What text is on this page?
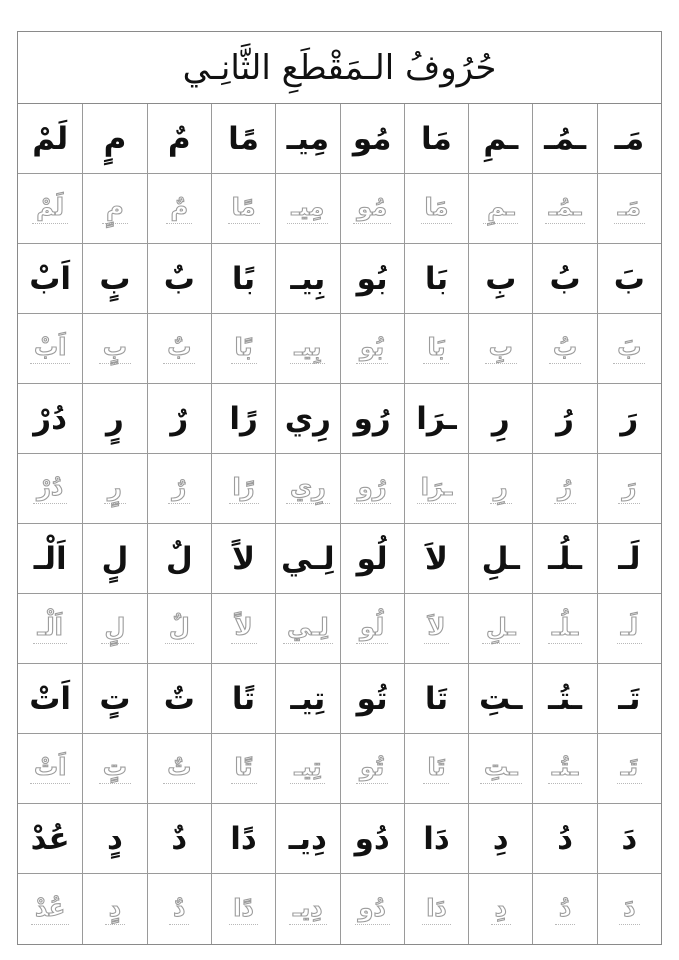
حُرُوفُ الـمَقْطَعِ الثَّانِـي
مَـ
ـمُـ
ـمِ
مَا
مُو
مِيـ
مًا
مٌ
مٍ
لَمْ
مَـ
ـمُـ
ـمِ
مَا
مُو
مِيـ
مًا
مٌ
مٍ
لَمْ
بَ
بُ
بِ
بَا
بُو
بِيـ
بًا
بٌ
بٍ
اَبْ
بَ
بُ
بِ
بَا
بُو
بِيـ
بًا
بٌ
بٍ
اَبْ
رَ
رُ
رِ
ـرَا
رُو
رِي
رًا
رٌ
رٍ
دُرْ
رَ
رُ
رِ
ـرَا
رُو
رِي
رًا
رٌ
رٍ
دُرْ
لَـ
ـلُـ
ـلِ
لاَ
لُو
لِـي
لاً
لٌ
لٍ
اَلْـ
لَـ
ـلُـ
ـلِ
لاَ
لُو
لِـي
لاً
لٌ
لٍ
اَلْـ
تَـ
ـتُـ
ـتِ
تَا
تُو
تِيـ
تًا
تٌ
تٍ
اَتْ
تَـ
ـتُـ
ـتِ
تَا
تُو
تِيـ
تًا
تٌ
تٍ
اَتْ
دَ
دُ
دِ
دَا
دُو
دِيـ
دًا
دٌ
دٍ
عُدْ
دَ
دُ
دِ
دَا
دُو
دِيـ
دًا
دٌ
دٍ
عُدْ
